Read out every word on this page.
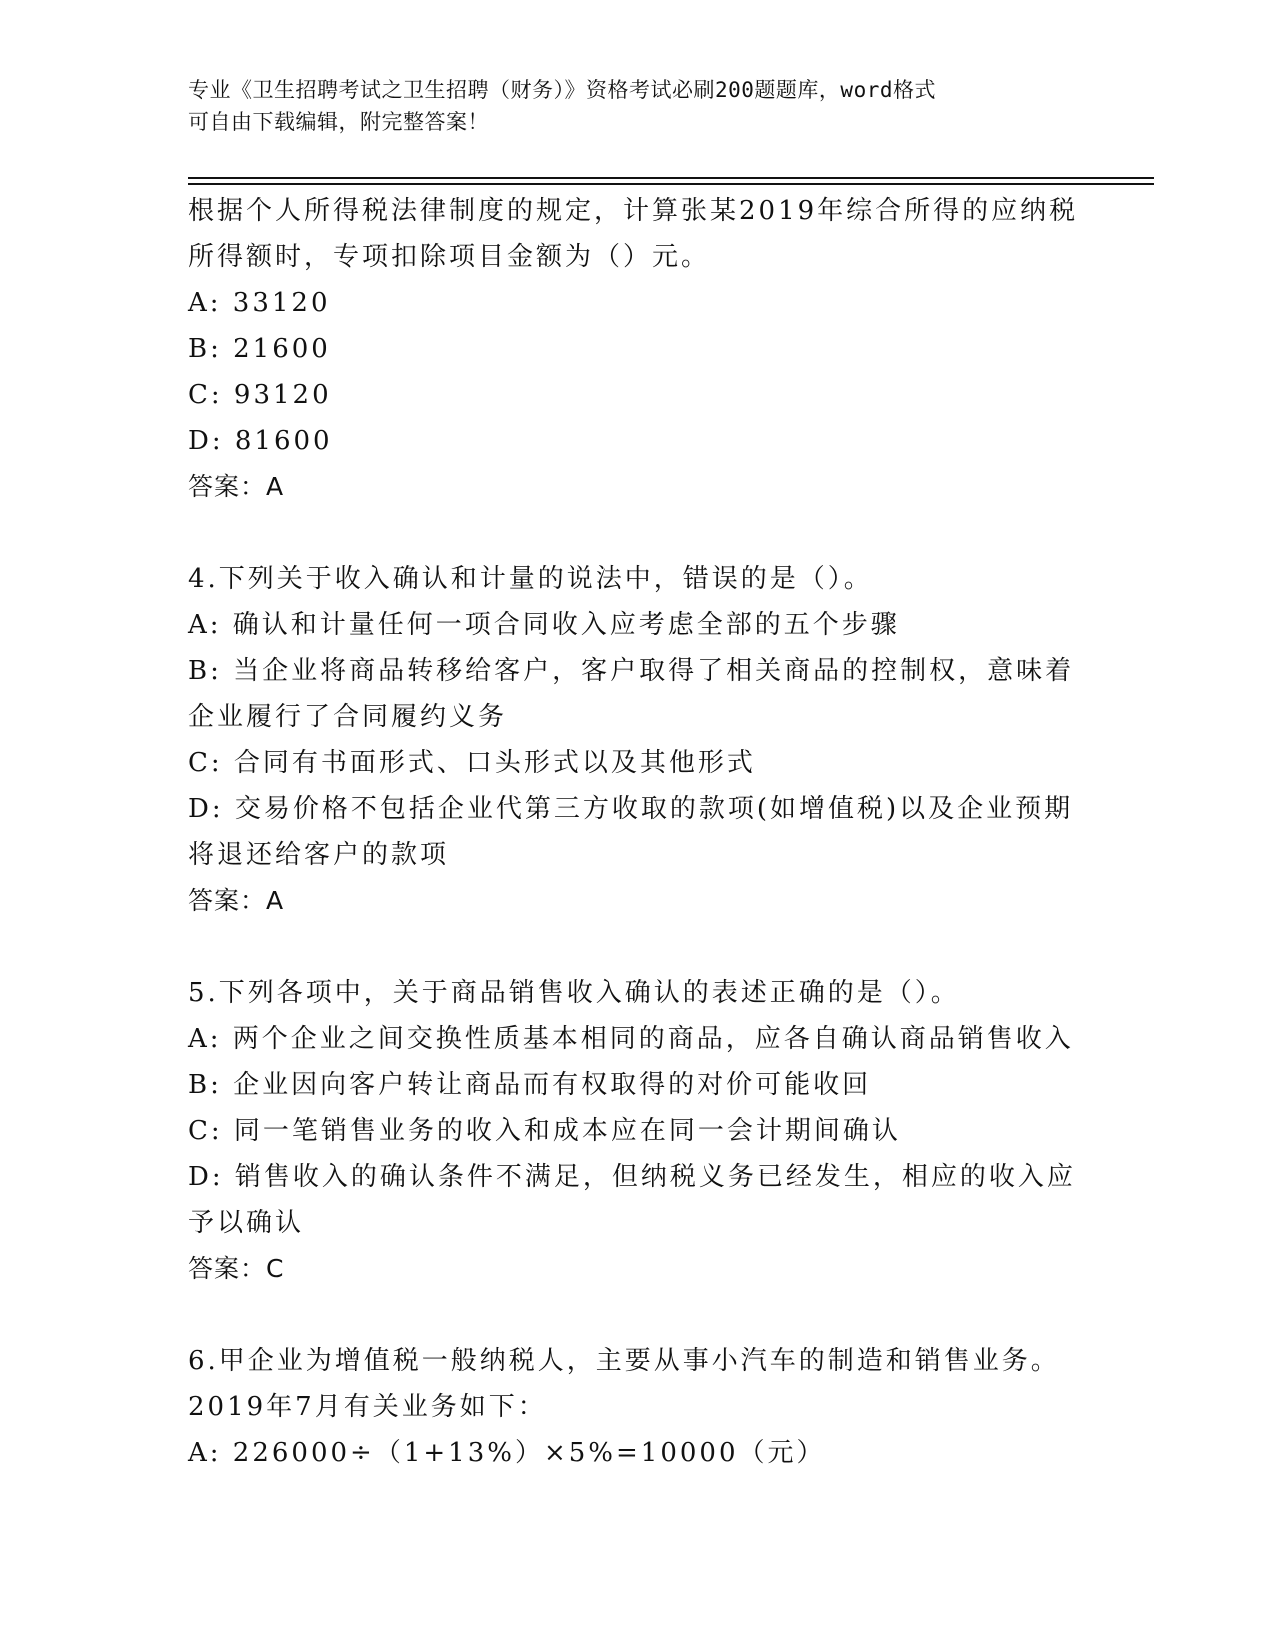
专业《卫生招聘考试之卫生招聘（财务）》资格考试必刷200题题库，word格式
可自由下载编辑，附完整答案！
根据个人所得税法律制度的规定，计算张某2019年综合所得的应纳税
所得额时，专项扣除项目金额为（）元。
A: 33120
B: 21600
C: 93120
D: 81600
答案：A
4.下列关于收入确认和计量的说法中，错误的是（）。
A: 确认和计量任何一项合同收入应考虑全部的五个步骤
B: 当企业将商品转移给客户，客户取得了相关商品的控制权，意味着
企业履行了合同履约义务
C: 合同有书面形式、口头形式以及其他形式
D: 交易价格不包括企业代第三方收取的款项(如增值税)以及企业预期
将退还给客户的款项
答案：A
5.下列各项中，关于商品销售收入确认的表述正确的是（）。
A: 两个企业之间交换性质基本相同的商品，应各自确认商品销售收入
B: 企业因向客户转让商品而有权取得的对价可能收回
C: 同一笔销售业务的收入和成本应在同一会计期间确认
D: 销售收入的确认条件不满足，但纳税义务已经发生，相应的收入应
予以确认
答案：C
6.甲企业为增值税一般纳税人，主要从事小汽车的制造和销售业务。
2019年7月有关业务如下：
A: 226000÷（1+13%）×5%=10000（元）
